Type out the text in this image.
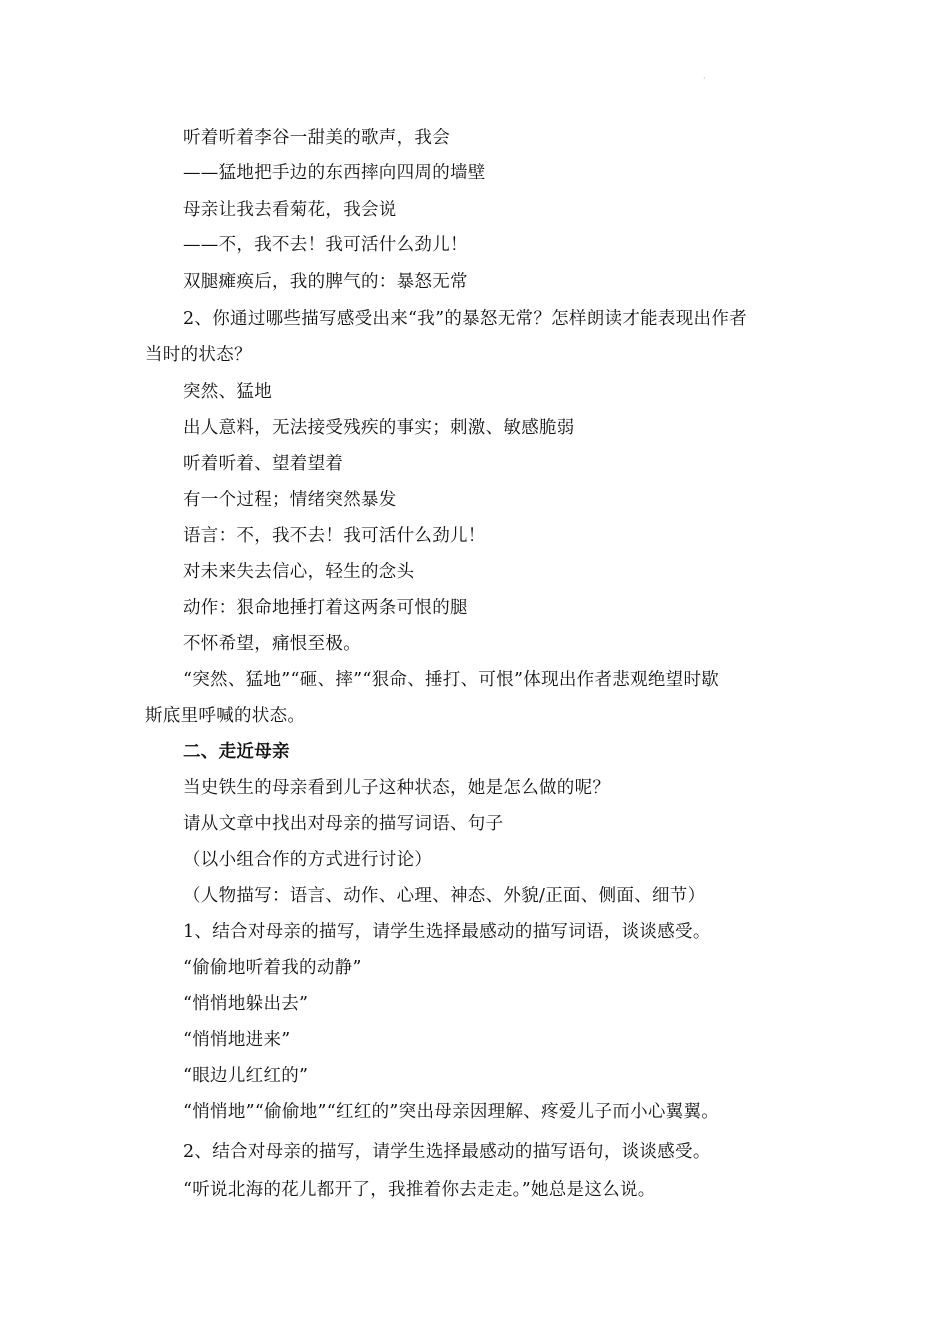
·
听着听着李谷一甜美的歌声，我会
——猛地把手边的东西摔向四周的墙壁
母亲让我去看菊花，我会说
——不，我不去！我可活什么劲儿！
双腿瘫痪后，我的脾气的：暴怒无常
2、你通过哪些描写感受出来“我”的暴怒无常？怎样朗读才能表现出作者
当时的状态？
突然、猛地
出人意料，无法接受残疾的事实；刺激、敏感脆弱
听着听着、望着望着
有一个过程；情绪突然暴发
语言：不，我不去！我可活什么劲儿！
对未来失去信心，轻生的念头
动作：狠命地捶打着这两条可恨的腿
不怀希望，痛恨至极。
“突然、猛地”“砸、摔”“狠命、捶打、可恨”体现出作者悲观绝望时歇
斯底里呼喊的状态。
二、走近母亲
当史铁生的母亲看到儿子这种状态，她是怎么做的呢？
请从文章中找出对母亲的描写词语、句子
（以小组合作的方式进行讨论）
（人物描写：语言、动作、心理、神态、外貌/正面、侧面、细节）
1、结合对母亲的描写，请学生选择最感动的描写词语，谈谈感受。
“偷偷地听着我的动静”
“悄悄地躲出去”
“悄悄地进来”
“眼边儿红红的”
“悄悄地”“偷偷地”“红红的”突出母亲因理解、疼爱儿子而小心翼翼。
2、结合对母亲的描写，请学生选择最感动的描写语句，谈谈感受。
“听说北海的花儿都开了，我推着你去走走。”她总是这么说。
